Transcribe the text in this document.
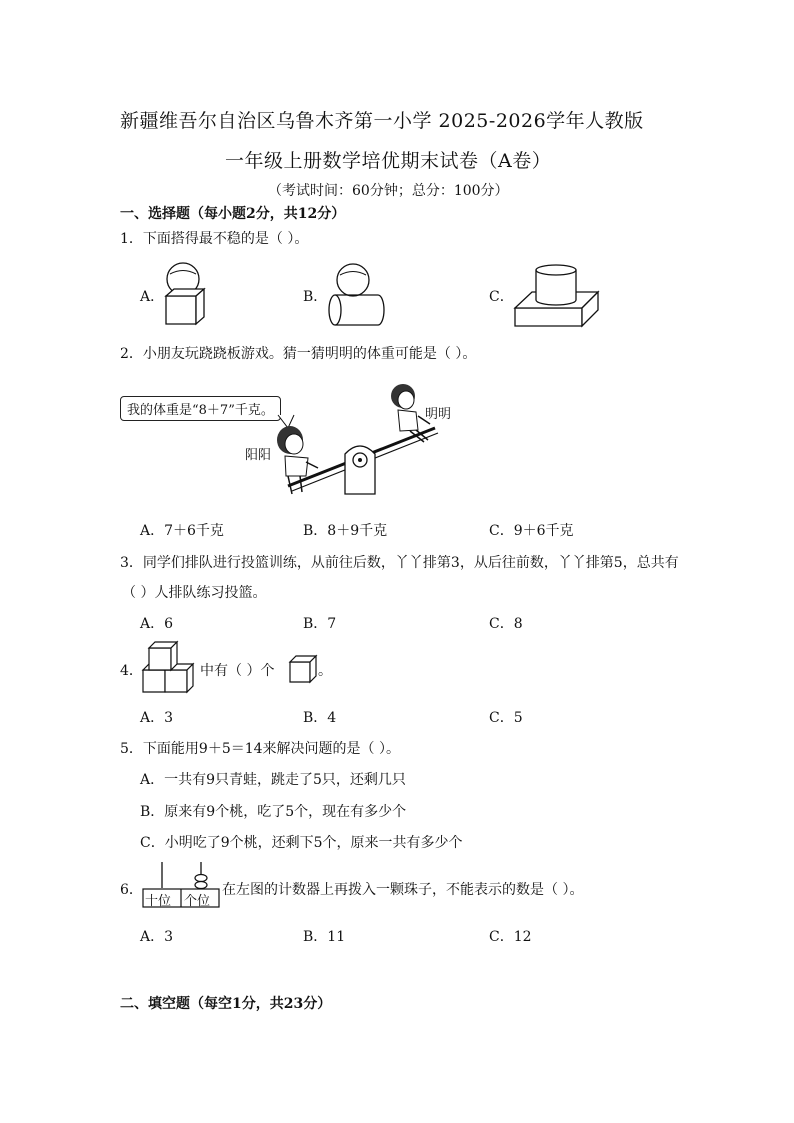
新疆维吾尔自治区乌鲁木齐第一小学 2025-2026学年人教版
一年级上册数学培优期末试卷（A卷）
（考试时间：60分钟；总分：100分）
一、选择题（每小题2分，共12分）
1．下面搭得最不稳的是（ ）。
A．	B．	C．
2．小朋友玩跷跷板游戏。猜一猜明明的体重可能是（ ）。
我的体重是“8＋7”千克。
阳阳
明明
A．7＋6千克	B．8＋9千克	C．9＋6千克
3．同学们排队进行投篮训练，从前往后数，丫丫排第3，从后往前数，丫丫排第5，总共有
（ ）人排队练习投篮。
A．6	B．7	C．8
4．	中有（ ）个	。
A．3	B．4	C．5
5．下面能用9＋5＝14来解决问题的是（ ）。
A．一共有9只青蛙，跳走了5只，还剩几只
B．原来有9个桃，吃了5个，现在有多少个
C．小明吃了9个桃，还剩下5个，原来一共有多少个
6．
十位 个位
在左图的计数器上再拨入一颗珠子，不能表示的数是（ ）。
A．3	B．11	C．12
二、填空题（每空1分，共23分）
